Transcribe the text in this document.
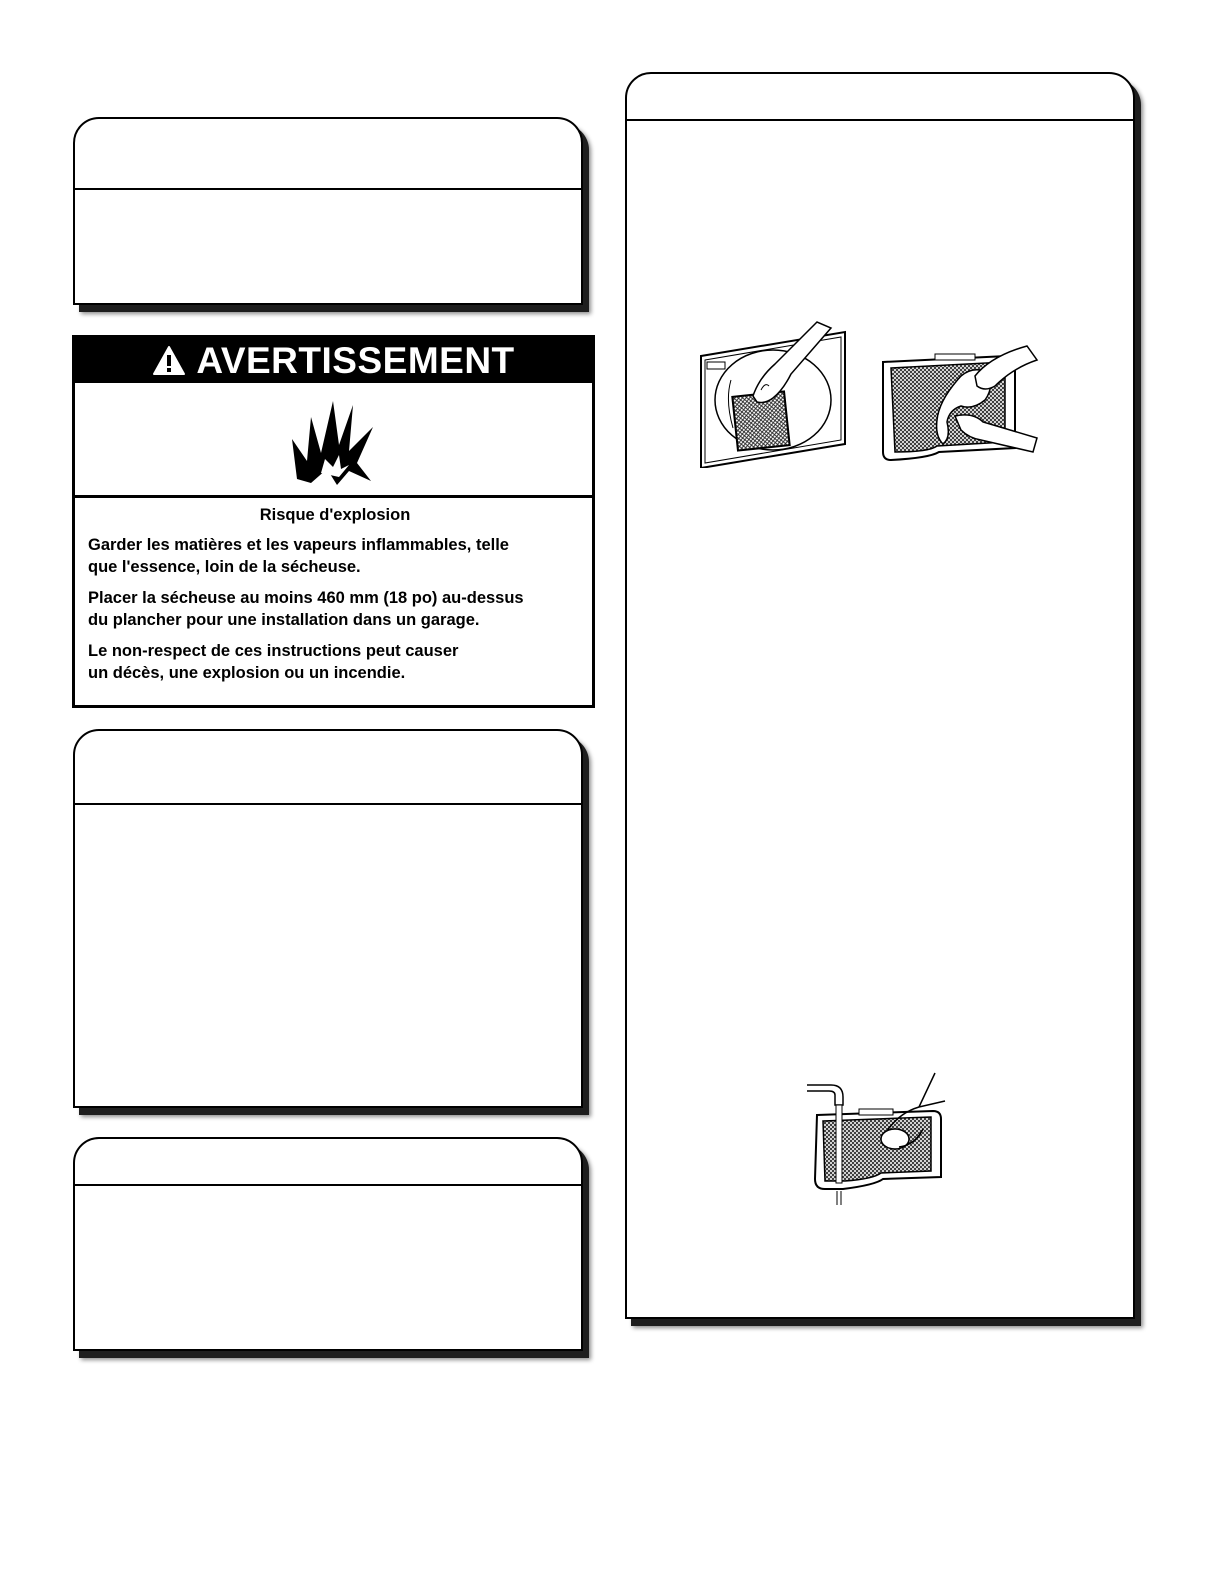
AVERTISSEMENT
Risque d'explosion
Garder les matières et les vapeurs inflammables, telle
que l'essence, loin de la sécheuse.
Placer la sécheuse au moins 460 mm (18 po) au-dessus
du plancher pour une installation dans un garage.
Le non-respect de ces instructions peut causer
un décès, une explosion ou un incendie.
